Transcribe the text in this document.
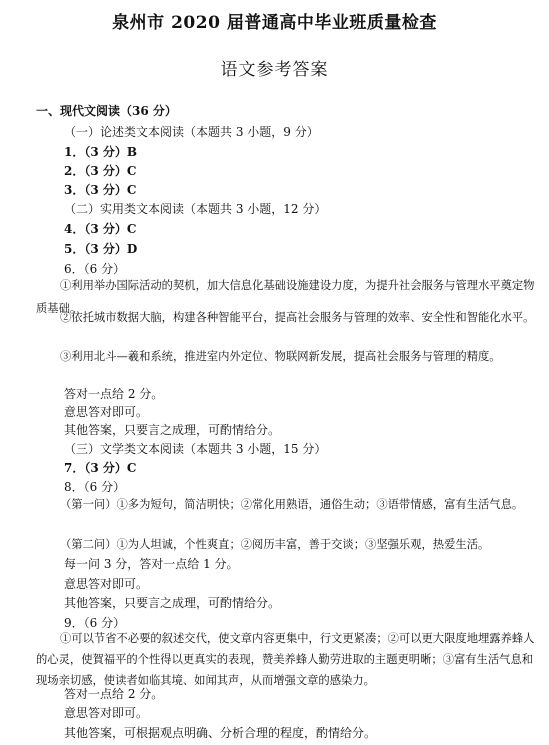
泉州市 2020 届普通高中毕业班质量检查
语文参考答案
一、现代文阅读（36 分）
（一）论述类文本阅读（本题共 3 小题，9 分）
1．（3 分）B
2．（3 分）C
3．（3 分）C
（二）实用类文本阅读（本题共 3 小题，12 分）
4．（3 分）C
5．（3 分）D
6．（6 分）
①利用举办国际活动的契机，加大信息化基础设施建设力度，为提升社会服务与管理水平奠定物质基础。
②依托城市数据大脑，构建各种智能平台，提高社会服务与管理的效率、安全性和智能化水平。
③利用北斗—羲和系统，推进室内外定位、物联网新发展，提高社会服务与管理的精度。
答对一点给 2 分。
意思答对即可。
其他答案，只要言之成理，可酌情给分。
（三）文学类文本阅读（本题共 3 小题，15 分）
7．（3 分）C
8．（6 分）
（第一问）①多为短句，简洁明快；②常化用熟语，通俗生动；③语带情感，富有生活气息。
（第二问）①为人坦诚，个性爽直；②阅历丰富，善于交谈；③坚强乐观，热爱生活。
每一问 3 分，答对一点给 1 分。
意思答对即可。
其他答案，只要言之成理，可酌情给分。
9．（6 分）
①可以节省不必要的叙述交代，使文章内容更集中，行文更紧凑；②可以更大限度地埋露养蜂人的心灵，使賀福平的个性得以更真实的表现，赞美养蜂人勤劳进取的主题更明晰；③富有生活气息和现场亲切感，使读者如临其境、如闻其声，从而增强文章的感染力。
答对一点给 2 分。
意思答对即可。
其他答案，可根据观点明确、分析合理的程度，酌情给分。
